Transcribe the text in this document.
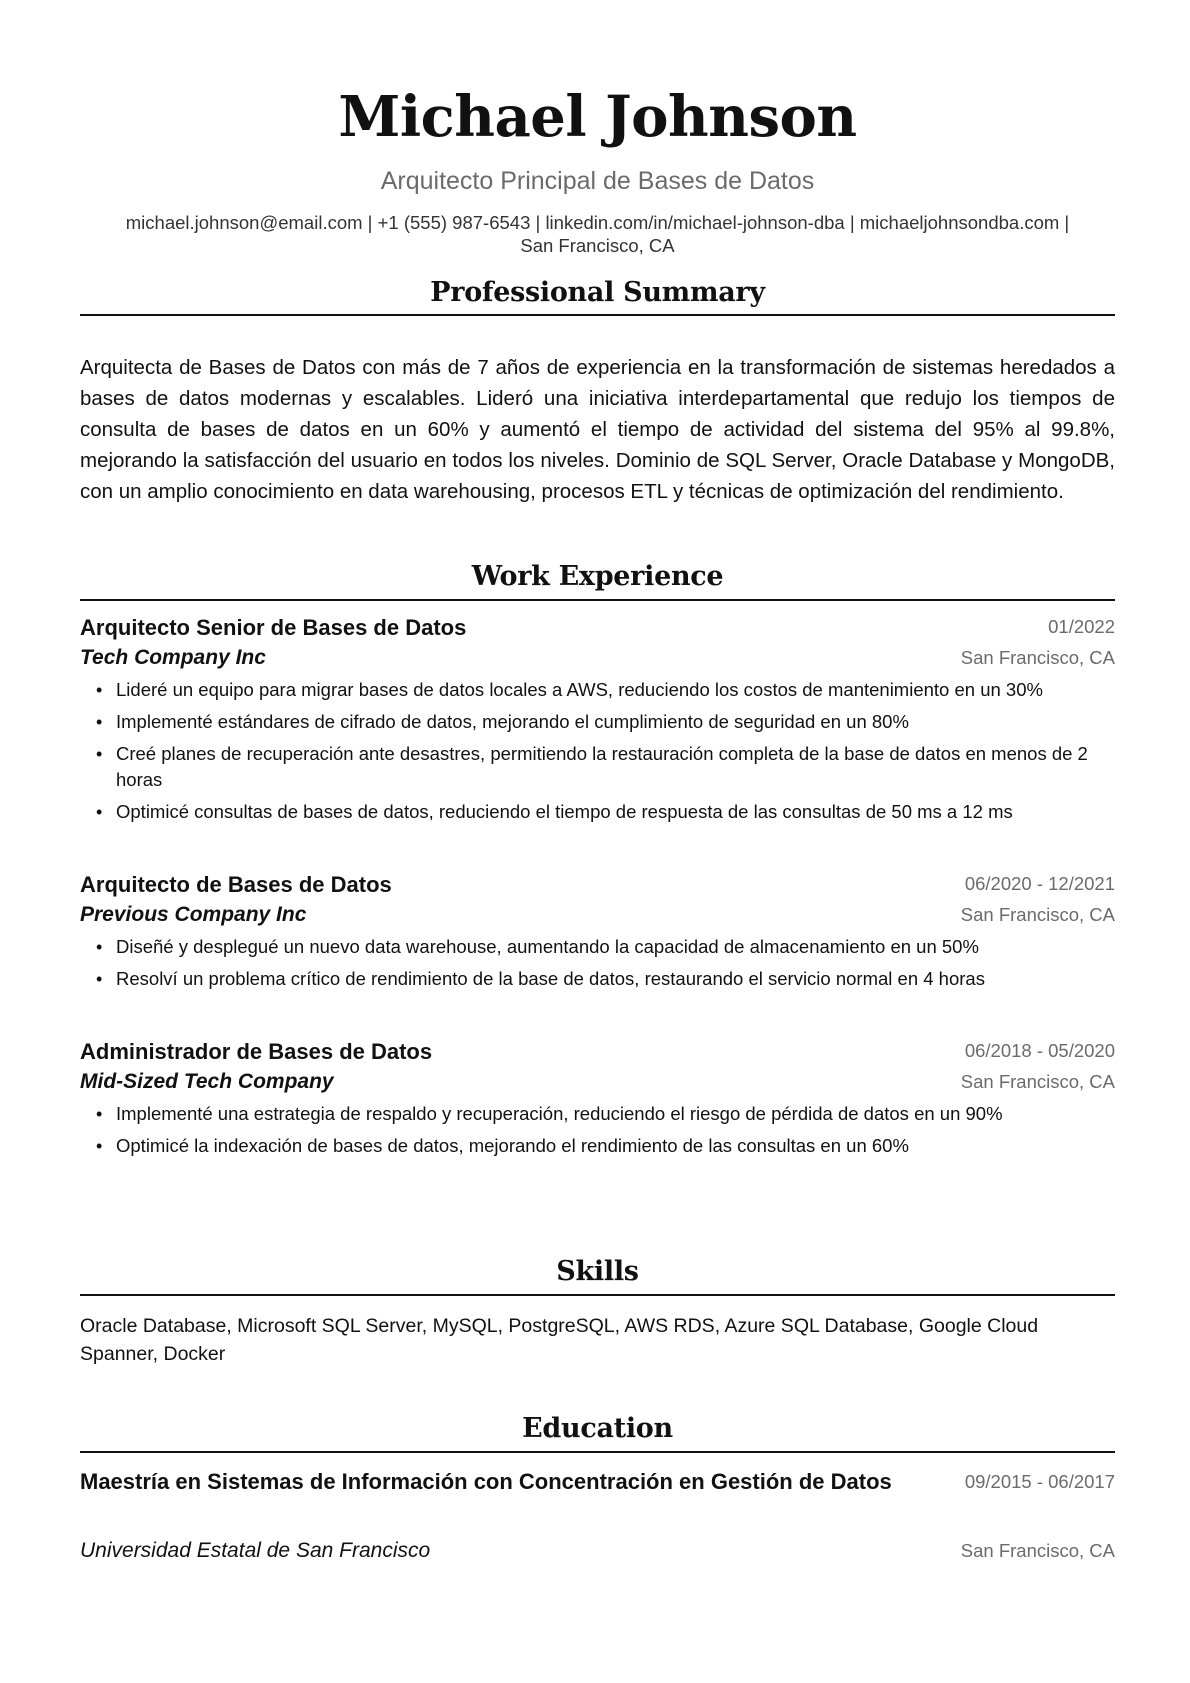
Michael Johnson
Arquitecto Principal de Bases de Datos
michael.johnson@email.com | +1 (555) 987-6543 | linkedin.com/in/michael-johnson-dba | michaeljohnsondba.com |
San Francisco, CA
Professional Summary
Arquitecta de Bases de Datos con más de 7 años de experiencia en la transformación de sistemas heredados a bases de datos modernas y escalables. Lideró una iniciativa interdepartamental que redujo los tiempos de consulta de bases de datos en un 60% y aumentó el tiempo de actividad del sistema del 95% al 99.8%, mejorando la satisfacción del usuario en todos los niveles. Dominio de SQL Server, Oracle Database y MongoDB, con un amplio conocimiento en data warehousing, procesos ETL y técnicas de optimización del rendimiento.
Work Experience
Arquitecto Senior de Bases de Datos	01/2022
Tech Company Inc	San Francisco, CA
• Lideré un equipo para migrar bases de datos locales a AWS, reduciendo los costos de mantenimiento en un 30%
• Implementé estándares de cifrado de datos, mejorando el cumplimiento de seguridad en un 80%
• Creé planes de recuperación ante desastres, permitiendo la restauración completa de la base de datos en menos de 2 horas
• Optimicé consultas de bases de datos, reduciendo el tiempo de respuesta de las consultas de 50 ms a 12 ms
Arquitecto de Bases de Datos	06/2020 - 12/2021
Previous Company Inc	San Francisco, CA
• Diseñé y desplegué un nuevo data warehouse, aumentando la capacidad de almacenamiento en un 50%
• Resolví un problema crítico de rendimiento de la base de datos, restaurando el servicio normal en 4 horas
Administrador de Bases de Datos	06/2018 - 05/2020
Mid-Sized Tech Company	San Francisco, CA
• Implementé una estrategia de respaldo y recuperación, reduciendo el riesgo de pérdida de datos en un 90%
• Optimicé la indexación de bases de datos, mejorando el rendimiento de las consultas en un 60%
Skills
Oracle Database, Microsoft SQL Server, MySQL, PostgreSQL, AWS RDS, Azure SQL Database, Google Cloud Spanner, Docker
Education
Maestría en Sistemas de Información con Concentración en Gestión de Datos	09/2015 - 06/2017
Universidad Estatal de San Francisco	San Francisco, CA
